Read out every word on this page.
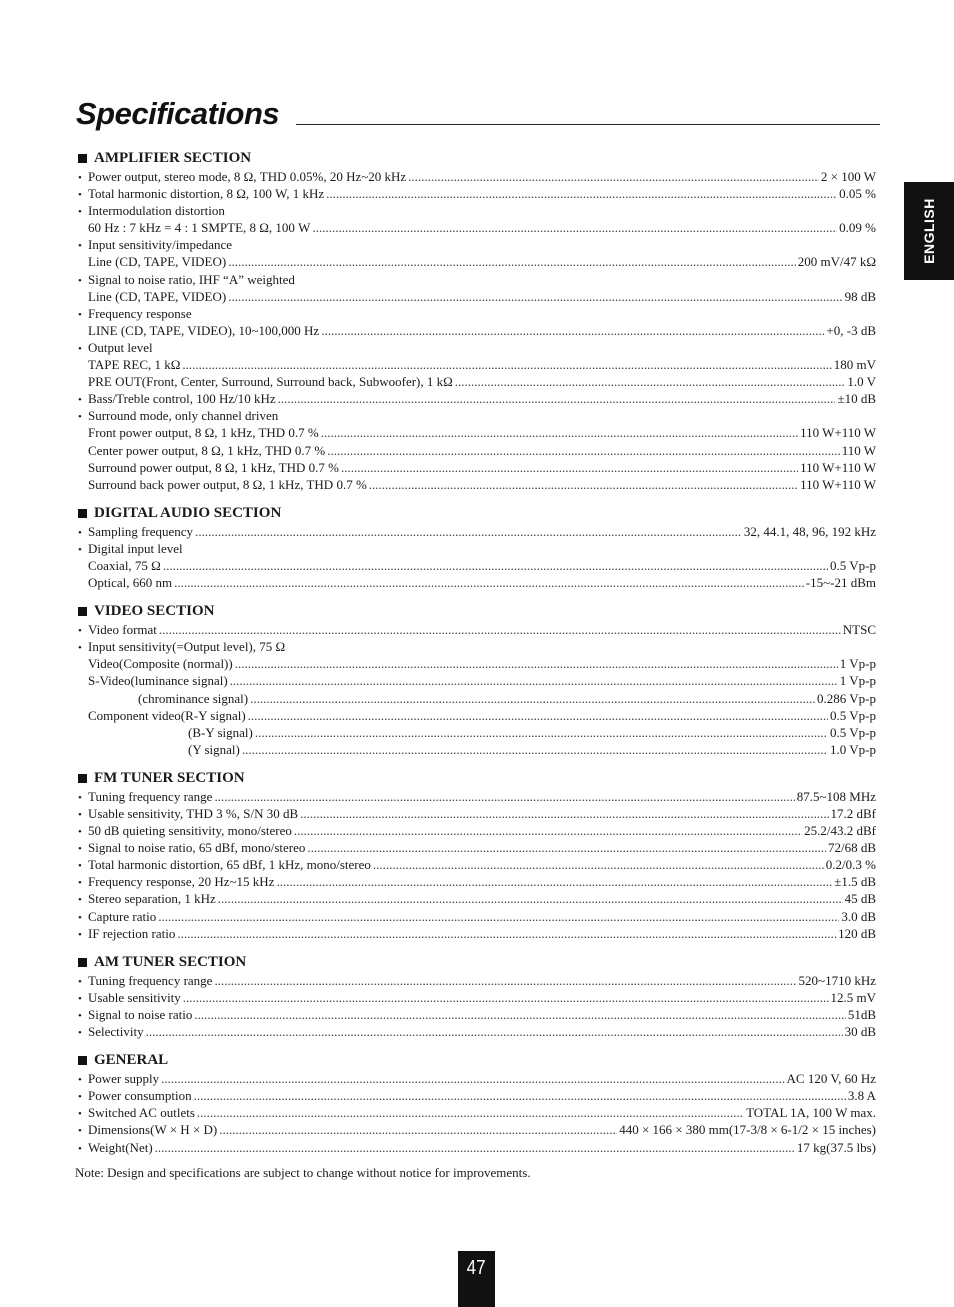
Specifications
ENGLISH
AMPLIFIER SECTION
• Power output, stereo mode, 8 Ω, THD 0.05%, 20 Hz~20 kHz .....	2 × 100 W
• Total harmonic distortion, 8 Ω, 100 W, 1 kHz .....	0.05 %
• Intermodulation distortion
60 Hz : 7 kHz = 4 : 1 SMPTE, 8 Ω, 100 W .....	0.09 %
• Input sensitivity/impedance
Line (CD, TAPE, VIDEO) .....	200 mV/47 kΩ
• Signal to noise ratio, IHF “A” weighted
Line (CD, TAPE, VIDEO) .....	98 dB
• Frequency response
LINE (CD, TAPE, VIDEO), 10~100,000 Hz .....	+0, -3 dB
• Output level
TAPE REC, 1 kΩ .....	180 mV
PRE OUT(Front, Center, Surround, Surround back, Subwoofer), 1 kΩ .....	1.0 V
• Bass/Treble control, 100 Hz/10 kHz .....	±10 dB
• Surround mode, only channel driven
Front power output, 8 Ω, 1 kHz, THD 0.7 % .....	110 W+110 W
Center power output, 8 Ω, 1 kHz, THD 0.7 % .....	110 W
Surround power output, 8 Ω, 1 kHz, THD 0.7 % .....	110 W+110 W
Surround back power output, 8 Ω, 1 kHz, THD 0.7 % .....	110 W+110 W
DIGITAL AUDIO SECTION
• Sampling frequency .....	32, 44.1, 48, 96, 192 kHz
• Digital input level
Coaxial, 75 Ω .....	0.5 Vp-p
Optical, 660 nm .....	-15~-21 dBm
VIDEO SECTION
• Video format .....	NTSC
• Input sensitivity(=Output level), 75 Ω
Video(Composite (normal)) .....	1 Vp-p
S-Video(luminance signal) .....	1 Vp-p
(chrominance signal) .....	0.286 Vp-p
Component video(R-Y signal) .....	0.5 Vp-p
(B-Y signal) .....	0.5 Vp-p
(Y signal) .....	1.0 Vp-p
FM TUNER SECTION
• Tuning frequency range .....	87.5~108 MHz
• Usable sensitivity, THD 3 %, S/N 30 dB .....	17.2 dBf
• 50 dB quieting sensitivity, mono/stereo .....	25.2/43.2 dBf
• Signal to noise ratio, 65 dBf, mono/stereo .....	72/68 dB
• Total harmonic distortion, 65 dBf, 1 kHz, mono/stereo .....	0.2/0.3 %
• Frequency response, 20 Hz~15 kHz .....	±1.5 dB
• Stereo separation, 1 kHz .....	45 dB
• Capture ratio .....	3.0 dB
• IF rejection ratio .....	120 dB
AM TUNER SECTION
• Tuning frequency range .....	520~1710 kHz
• Usable sensitivity .....	12.5 mV
• Signal to noise ratio .....	51dB
• Selectivity .....	30 dB
GENERAL
• Power supply .....	AC 120 V, 60 Hz
• Power consumption .....	3.8 A
• Switched AC outlets .....	TOTAL 1A, 100 W max.
• Dimensions(W × H × D) .....	440 × 166 × 380 mm(17-3/8 × 6-1/2 × 15 inches)
• Weight(Net) .....	17 kg(37.5 lbs)
Note: Design and specifications are subject to change without notice for improvements.
47
